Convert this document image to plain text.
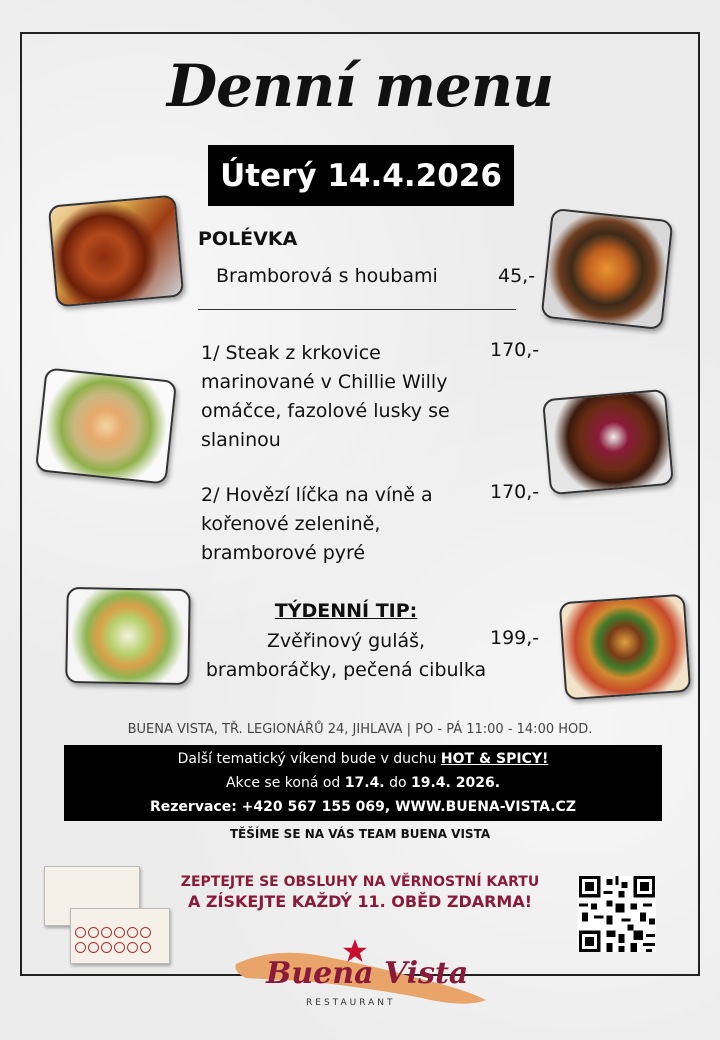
Denní menu
Úterý 14.4.2026
POLÉVKA
Bramborová s houbami	45,-
1/ Steak z krkovice marinované v Chillie Willy omáčce, fazolové lusky se slaninou
170,-
2/ Hovězí líčka na víně a kořenové zelenině, bramborové pyré
170,-
TÝDENNÍ TIP:
Zvěřinový guláš,
bramboráčky, pečená cibulka
199,-
BUENA VISTA, TŘ. LEGIONÁŘŮ 24, JIHLAVA | PO - PÁ 11:00 - 14:00 HOD.
Další tematický víkend bude v duchu HOT & SPICY!
Akce se koná od 17.4. do 19.4. 2026.
Rezervace: +420 567 155 069, WWW.BUENA-VISTA.CZ
TĚŠÍME SE NA VÁS TEAM BUENA VISTA

ZEPTEJTE SE OBSLUHY NA VĚRNOSTNÍ KARTU
A ZÍSKEJTE KAŽDÝ 11. OBĚD ZDARMA!
Buena Vista
RESTAURANT
